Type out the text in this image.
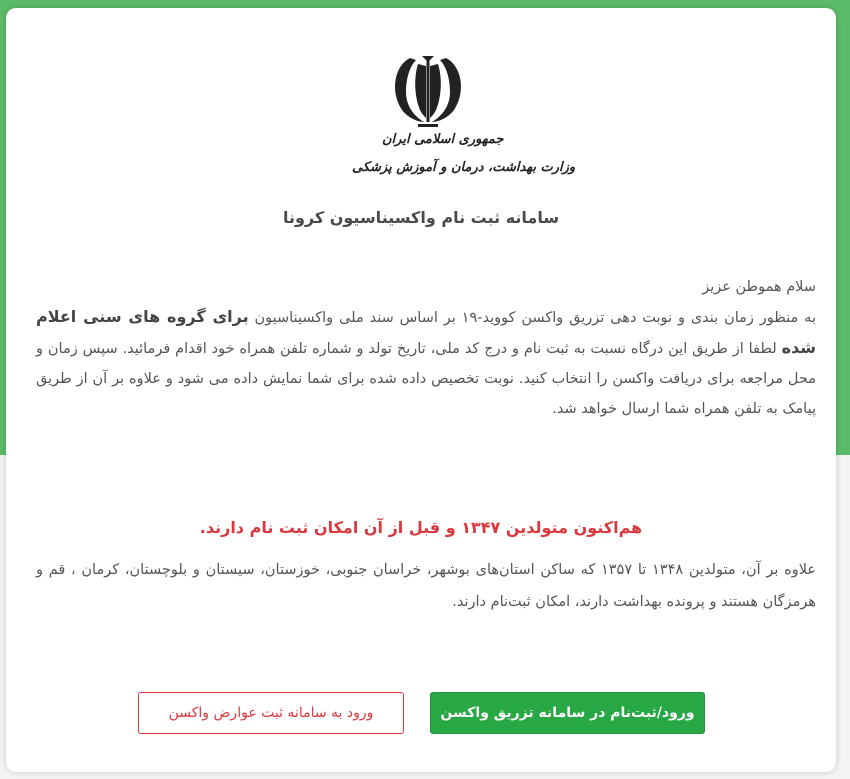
جمهوری اسلامی ایران
وزارت بهداشت، درمان و آموزش پزشکی
سامانه ثبت نام واکسیناسیون کرونا

سلام هموطن عزیز

به منظور زمان بندی و نوبت دهی تزریق واکسن کووید-۱۹ بر اساس سند ملی واکسیناسیون برای گروه های سنی اعلام شده لطفا از طریق این درگاه نسبت به ثبت نام و درج کد ملی، تاریخ تولد و شماره تلفن همراه خود اقدام فرمائید. سپس زمان و محل مراجعه برای دریافت واکسن را انتخاب کنید. نوبت تخصیص داده شده برای شما نمایش داده می شود و علاوه بر آن از طریق پیامک به تلفن همراه شما ارسال خواهد شد.

هم‌اکنون متولدین ۱۳۴۷ و قبل از آن امکان ثبت نام دارند.
علاوه بر آن، متولدین ۱۳۴۸ تا ۱۳۵۷ که ساکن استان‌های بوشهر، خراسان جنوبی، خوزستان، سیستان و بلوچستان، کرمان ، قم و هرمزگان هستند و پرونده بهداشت دارند، امکان ثبت‌نام دارند.
ورود/ثبت‌نام در سامانه تزریق واکسن
ورود به سامانه ثبت عوارض واکسن
